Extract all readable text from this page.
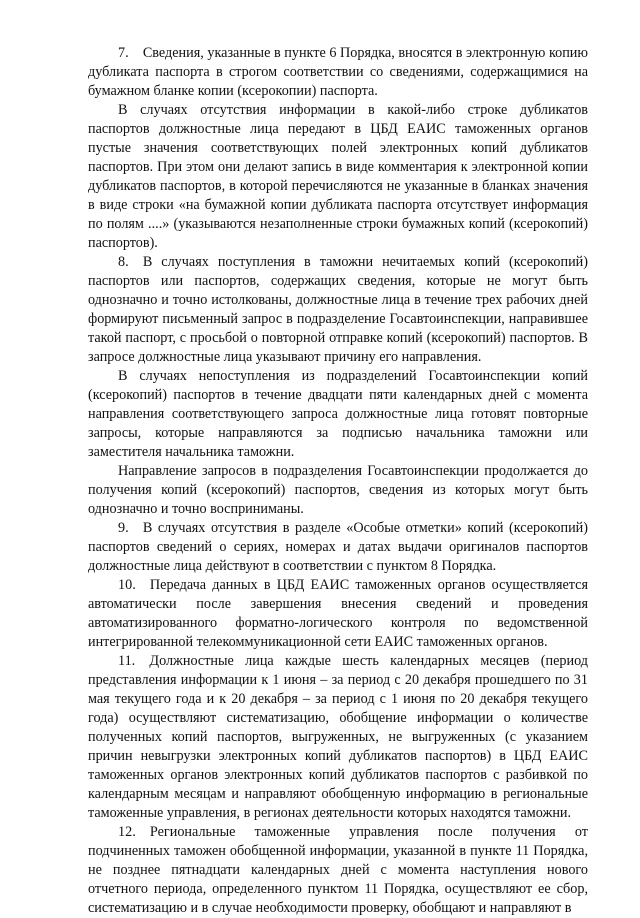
7. Сведения, указанные в пункте 6 Порядка, вносятся в электронную копию дубликата паспорта в строгом соответствии со сведениями, содержащимися на бумажном бланке копии (ксерокопии) паспорта.

В случаях отсутствия информации в какой-либо строке дубликатов паспортов должностные лица передают в ЦБД ЕАИС таможенных органов пустые значения соответствующих полей электронных копий дубликатов паспортов. При этом они делают запись в виде комментария к электронной копии дубликатов паспортов, в которой перечисляются не указанные в бланках значения в виде строки «на бумажной копии дубликата паспорта отсутствует информация по полям ....» (указываются незаполненные строки бумажных копий (ксерокопий) паспортов).

8. В случаях поступления в таможни нечитаемых копий (ксерокопий) паспортов или паспортов, содержащих сведения, которые не могут быть однозначно и точно истолкованы, должностные лица в течение трех рабочих дней формируют письменный запрос в подразделение Госавтоинспекции, направившее такой паспорт, с просьбой о повторной отправке копий (ксерокопий) паспортов. В запросе должностные лица указывают причину его направления.

В случаях непоступления из подразделений Госавтоинспекции копий (ксерокопий) паспортов в течение двадцати пяти календарных дней с момента направления соответствующего запроса должностные лица готовят повторные запросы, которые направляются за подписью начальника таможни или заместителя начальника таможни.

Направление запросов в подразделения Госавтоинспекции продолжается до получения копий (ксерокопий) паспортов, сведения из которых могут быть однозначно и точно восприниманы.

9. В случаях отсутствия в разделе «Особые отметки» копий (ксерокопий) паспортов сведений о сериях, номерах и датах выдачи оригиналов паспортов должностные лица действуют в соответствии с пунктом 8 Порядка.

10. Передача данных в ЦБД ЕАИС таможенных органов осуществляется автоматически после завершения внесения сведений и проведения автоматизированного форматно-логического контроля по ведомственной интегрированной телекоммуникационной сети ЕАИС таможенных органов.

11. Должностные лица каждые шесть календарных месяцев (период представления информации к 1 июня – за период с 20 декабря прошедшего по 31 мая текущего года и к 20 декабря – за период с 1 июня по 20 декабря текущего года) осуществляют систематизацию, обобщение информации о количестве полученных копий паспортов, выгруженных, не выгруженных (с указанием причин невыгрузки электронных копий дубликатов паспортов) в ЦБД ЕАИС таможенных органов электронных копий дубликатов паспортов с разбивкой по календарным месяцам и направляют обобщенную информацию в региональные таможенные управления, в регионах деятельности которых находятся таможни.

12. Региональные таможенные управления после получения от подчиненных таможен обобщенной информации, указанной в пункте 11 Порядка, не позднее пятнадцати календарных дней с момента наступления нового отчетного периода, определенного пунктом 11 Порядка, осуществляют ее сбор, систематизацию и в случае необходимости проверку, обобщают и направляют в
